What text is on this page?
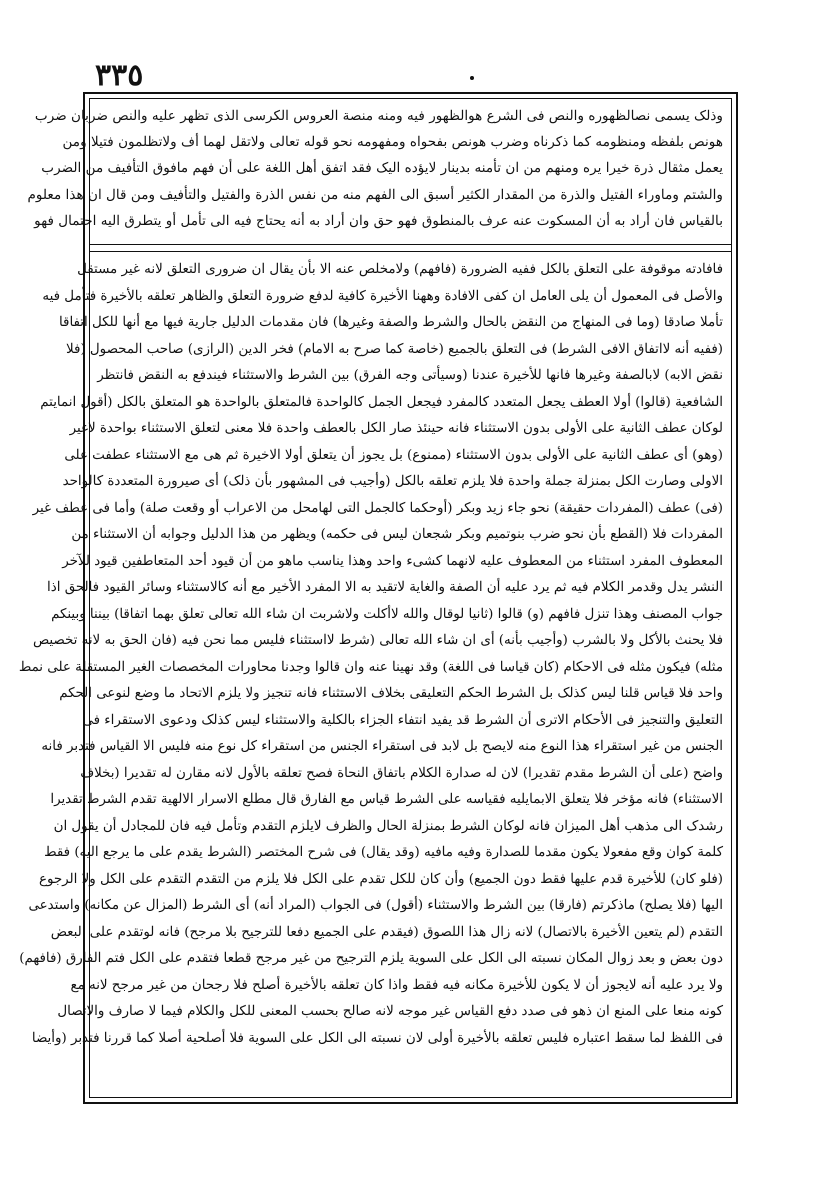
٣٣٥
وذلک یسمی نصالظهوره والنص فی الشرع هوالظهور فیه ومنه منصة العروس الکرسی الذی تظهر علیه والنص ضربان ضرب
هونص بلفظه ومنظومه کما ذکرناه وضرب هونص بفحواه ومفهومه نحو قوله تعالی ولاتقل لهما أف ولاتظلمون فتیلا ومن
یعمل مثقال ذرة خیرا یره ومنهم من ان تأمنه بدینار لایؤده الیک فقد اتفق أهل اللغة علی أن فهم مافوق التأفیف من الضرب
والشتم وماوراء الفتیل والذرة من المقدار الکثیر أسبق الی الفهم منه من نفس الذرة والفتیل والتأفیف ومن قال ان هذا معلوم
بالقیاس فان أراد به أن المسکوت عنه عرف بالمنطوق فهو حق وان أراد به أنه یحتاج فیه الی تأمل أو یتطرق الیه احتمال فهو
فافادته موقوفة علی التعلق بالکل ففیه الضرورة (فافهم) ولامخلص عنه الا بأن یقال ان ضروری التعلق لانه غیر مستقل
والأصل فی المعمول أن یلی العامل ان کفی الافادة وههنا الأخیرة کافیة لدفع ضرورة التعلق والظاهر تعلقه بالأخیرة فتأمل فیه
تأملا صادقا (وما فی المنهاج من النقض بالحال والشرط والصفة وغیرها) فان مقدمات الدلیل جاریة فیها مع أنها للکل اتفاقا
(ففیه أنه لااتفاق الافی الشرط) فی التعلق بالجمیع (خاصة کما صرح به الامام) فخر الدین (الرازی) صاحب المحصول (فلا
نقض الابه) لابالصفة وغیرها فانها للأخیرة عندنا (وسیأتی وجه الفرق) بین الشرط والاستثناء فیندفع به النقض فانتظر
الشافعیة (قالوا) أولا العطف یجعل المتعدد کالمفرد فیجعل الجمل کالواحدة فالمتعلق بالواحدة هو المتعلق بالکل (أقول انمایتم
لوکان عطف الثانیة علی الأولی بدون الاستثناء فانه حینئذ صار الکل بالعطف واحدة فلا معنی لتعلق الاستثناء بواحدة لاغیر
(وهو) أی عطف الثانیة علی الأولی بدون الاستثناء (ممنوع) بل یجوز أن یتعلق أولا الاخیرة ثم هی مع الاستثناء عطفت علی
الاولی وصارت الکل بمنزلة جملة واحدة فلا یلزم تعلقه بالکل (وأجیب فی المشهور بأن ذلک) أی صیرورة المتعددة کالواحد
(فی) عطف (المفردات حقیقة) نحو جاء زید وبکر (أوحکما کالجمل التی لهامحل من الاعراب أو وقعت صلة) وأما فی عطف غیر
المفردات فلا (القطع بأن نحو ضرب بنوتمیم وبکر شجعان لیس فی حکمه) ویظهر من هذا الدلیل وجوابه أن الاستثناء من
المعطوف المفرد استثناء من المعطوف علیه لانهما کشیء واحد وهذا یناسب ماهو من أن قیود أحد المتعاطفین قیود للآخر
النشر یدل وقدمر الکلام فیه ثم یرد علیه أن الصفة والغایة لاتقید به الا المفرد الأخیر مع أنه کالاستثناء وسائر القیود فالحق اذا
جواب المصنف وهذا تنزل فافهم (و) قالوا (ثانیا لوقال والله لاأکلت ولاشربت ان شاء الله تعالی تعلق بهما اتفاقا) بیننا وبینکم
فلا یحنث بالأکل ولا بالشرب (وأجیب بأنه) أی ان شاء الله تعالی (شرط لااستثناء فلیس مما نحن فیه (فان الحق به لانه تخصیص
مثله) فیکون مثله فی الاحکام (کان قیاسا فی اللغة) وقد نهینا عنه وان قالوا وجدنا محاورات المخصصات الغیر المستقلة علی نمط
واحد فلا قیاس قلنا لیس کذلک بل الشرط الحکم التعلیقی بخلاف الاستثناء فانه تنجیز ولا یلزم الاتحاد ما وضع لنوعی الحکم
التعلیق والتنجیز فی الأحکام الاتری أن الشرط قد یفید انتفاء الجزاء بالکلیة والاستثناء لیس کذلک ودعوی الاستقراء فی
الجنس من غیر استقراء هذا النوع منه لایصح بل لابد فی استقراء الجنس من استقراء کل نوع منه فلیس الا القیاس فتدبر فانه
واضح (علی أن الشرط مقدم تقدیرا) لان له صدارة الکلام باتفاق النحاة فصح تعلقه بالأول لانه مقارن له تقدیرا (بخلاف
الاستثناء) فانه مؤخر فلا یتعلق الابمایلیه فقیاسه علی الشرط قیاس مع الفارق قال مطلع الاسرار الالهیة تقدم الشرط تقدیرا
رشدک الی مذهب أهل المیزان فانه لوکان الشرط بمنزلة الحال والظرف لایلزم التقدم وتأمل فیه فان للمجادل أن یقول ان
کلمة کوان وقع مفعولا یکون مقدما للصدارة وفیه مافیه (وقد یقال) فی شرح المختصر (الشرط یقدم علی ما یرجع الیه) فقط
(فلو کان) للأخیرة قدم علیها فقط دون الجمیع) وأن کان للکل تقدم علی الکل فلا یلزم من التقدم التقدم علی الکل ولا الرجوع
الیها (فلا یصلح) ماذکرتم (فارقا) بین الشرط والاستثناء (أقول) فی الجواب (المراد أنه) أی الشرط (المزال عن مکانه) واستدعی
التقدم (لم یتعین الأخیرة بالاتصال) لانه زال هذا اللصوق (فیقدم علی الجمیع دفعا للترجیح بلا مرجح) فانه لوتقدم علی البعض
دون بعض و بعد زوال المکان نسبته الی الکل علی السویة یلزم الترجیح من غیر مرجح قطعا فتقدم علی الکل فتم الفارق (فافهم)
ولا یرد علیه أنه لایجوز أن لا یکون للأخیرة مکانه فیه فقط واذا کان تعلقه بالأخیرة أصلح فلا رجحان من غیر مرجح لانه مع
کونه منعا علی المنع ان ذهو فی صدد دفع القیاس غیر موجه لانه صالح بحسب المعنی للکل والکلام فیما لا صارف والاتصال
فی اللفظ لما سقط اعتباره فلیس تعلقه بالأخیرة أولی لان نسبته الی الکل علی السویة فلا أصلحیة أصلا کما قررنا فتدبر (وأیضا
